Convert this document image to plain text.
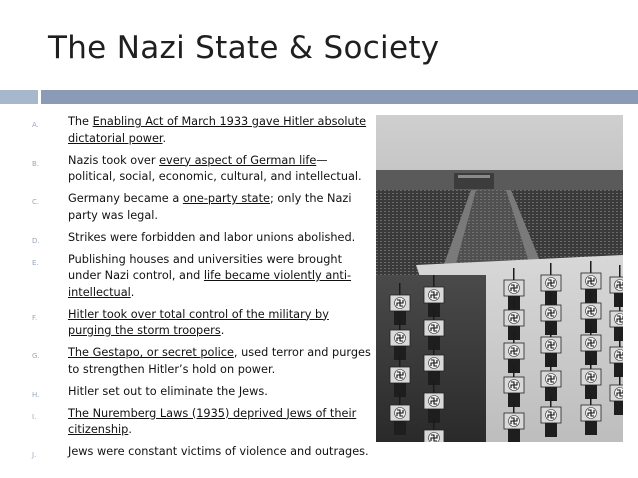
The Nazi State & Society
A.	The Enabling Act of March 1933 gave Hitler absolute dictatorial power.
B.	Nazis took over every aspect of German life—political, social, economic, cultural, and intellectual.
C.	Germany became a one-party state; only the Nazi party was legal.
D.	Strikes were forbidden and labor unions abolished.
E.	Publishing houses and universities were brought under Nazi control, and life became violently anti-intellectual.
F.	Hitler took over total control of the military by purging the storm troopers.
G.	The Gestapo, or secret police, used terror and purges to strengthen Hitler’s hold on power.
H.	Hitler set out to eliminate the Jews.
I.	The Nuremberg Laws (1935) deprived Jews of their citizenship.
J.	Jews were constant victims of violence and outrages.
